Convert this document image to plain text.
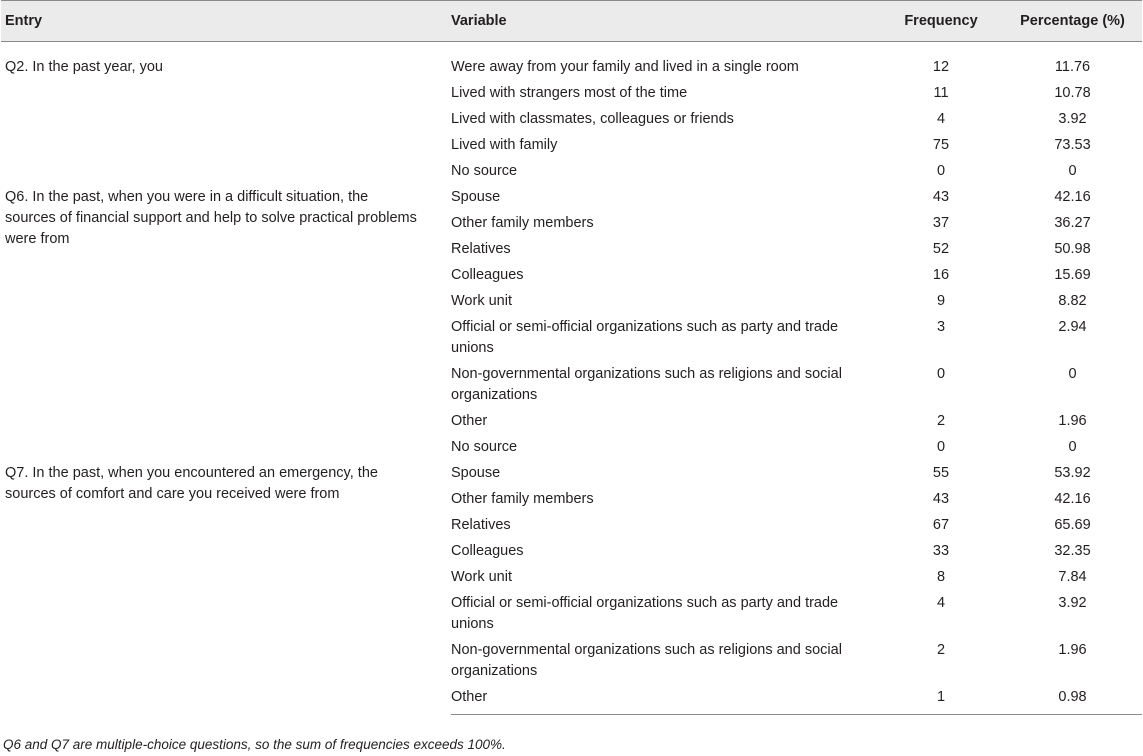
Entry	Variable	Frequency	Percentage (%)
Q2. In the past year, you	Were away from your family and lived in a single room	12	11.76
	Lived with strangers most of the time	11	10.78
	Lived with classmates, colleagues or friends	4	3.92
	Lived with family	75	73.53
	No source	0	0
Q6. In the past, when you were in a difficult situation, the sources of financial support and help to solve practical problems were from	Spouse	43	42.16
	Other family members	37	36.27
	Relatives	52	50.98
	Colleagues	16	15.69
	Work unit	9	8.82
	Official or semi-official organizations such as party and trade unions	3	2.94
	Non-governmental organizations such as religions and social organizations	0	0
	Other	2	1.96
	No source	0	0
Q7. In the past, when you encountered an emergency, the sources of comfort and care you received were from	Spouse	55	53.92
	Other family members	43	42.16
	Relatives	67	65.69
	Colleagues	33	32.35
	Work unit	8	7.84
	Official or semi-official organizations such as party and trade unions	4	3.92
	Non-governmental organizations such as religions and social organizations	2	1.96
	Other	1	0.98
Q6 and Q7 are multiple-choice questions, so the sum of frequencies exceeds 100%.
